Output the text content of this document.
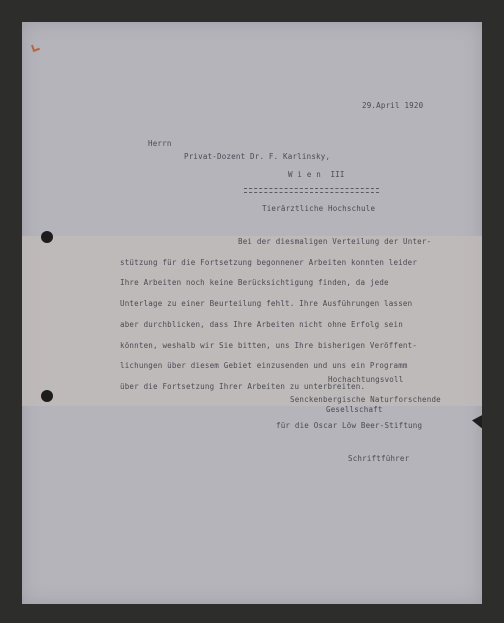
29.April 1920
Herrn
Privat-Dozent Dr. F. Karlinsky,
W i e n  III
Tierärztliche Hochschule
Bei der diesmaligen Verteilung der Unter-
stützung für die Fortsetzung begonnener Arbeiten konnten leider
Ihre Arbeiten noch keine Berücksichtigung finden, da jede
Unterlage zu einer Beurteilung fehlt. Ihre Ausführungen lassen
aber durchblicken, dass Ihre Arbeiten nicht ohne Erfolg sein
könnten, weshalb wir Sie bitten, uns Ihre bisherigen Veröffent-
lichungen über diesem Gebiet einzusenden und uns ein Programm
über die Fortsetzung Ihrer Arbeiten zu unterbreiten.
Hochachtungsvoll
Senckenbergische Naturforschende
Gesellschaft
für die Oscar Löw Beer-Stiftung
Schriftführer
